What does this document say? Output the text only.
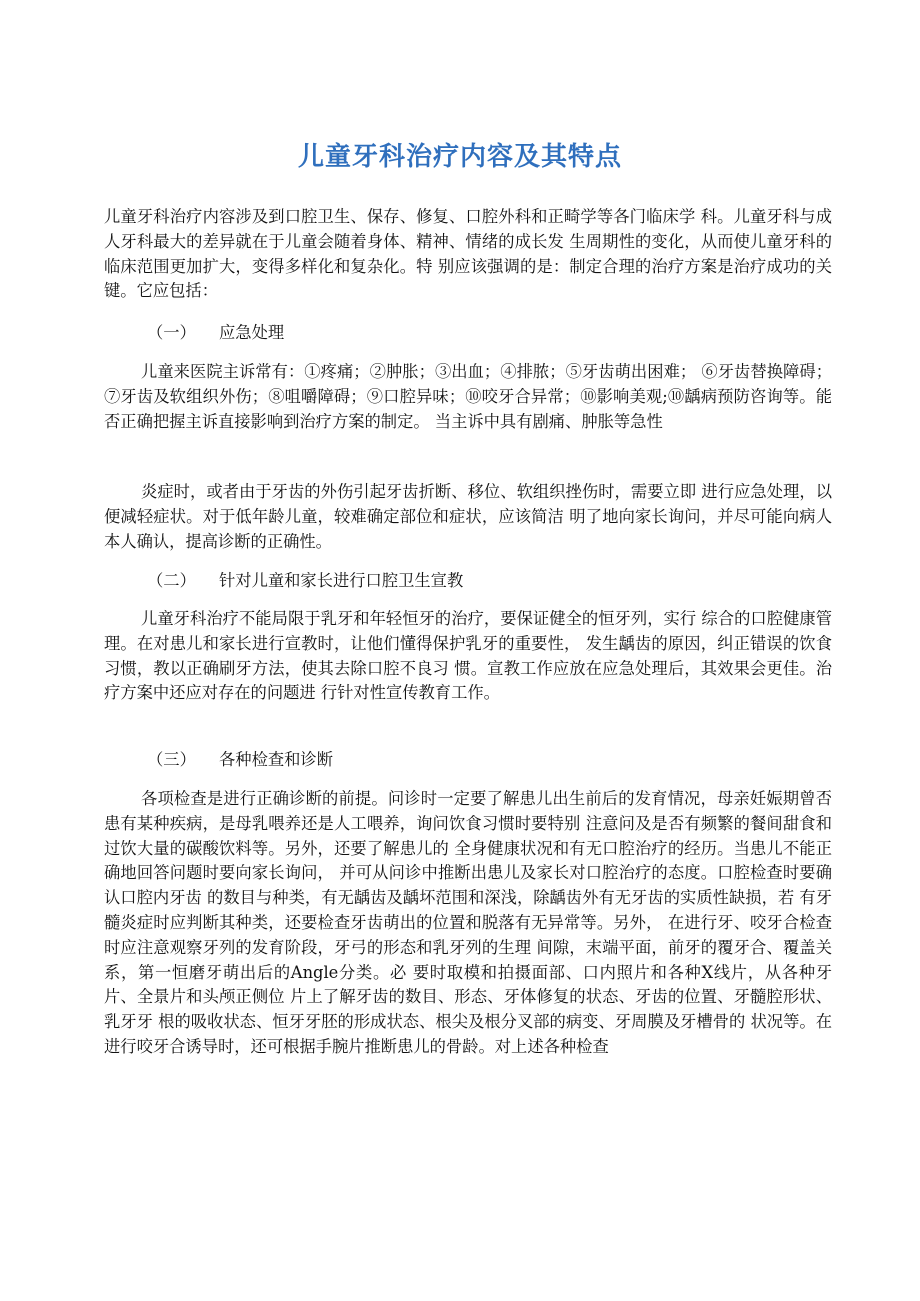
儿童牙科治疗内容及其特点

儿童牙科治疗内容涉及到口腔卫生、保存、修复、口腔外科和正畸学等各门临床学 科。儿童牙科与成人牙科最大的差异就在于儿童会随着身体、精神、情绪的成长发 生周期性的变化，从而使儿童牙科的临床范围更加扩大，变得多样化和复杂化。特 别应该强调的是：制定合理的治疗方案是治疗成功的关键。它应包括：

（一） 应急处理

儿童来医院主诉常有：①疼痛；②肿胀；③出血；④排脓；⑤牙齿萌出困难； ⑥牙齿替换障碍；⑦牙齿及软组织外伤；⑧咀嚼障碍；⑨口腔异味；⑩咬牙合异常；⑩影响美观;⑩龋病预防咨询等。能否正确把握主诉直接影响到治疗方案的制定。 当主诉中具有剧痛、肿胀等急性

炎症时，或者由于牙齿的外伤引起牙齿折断、移位、软组织挫伤时，需要立即 进行应急处理，以便减轻症状。对于低年龄儿童，较难确定部位和症状，应该简洁 明了地向家长询问，并尽可能向病人本人确认，提高诊断的正确性。

（二） 针对儿童和家长进行口腔卫生宣教

儿童牙科治疗不能局限于乳牙和年轻恒牙的治疗，要保证健全的恒牙列，实行 综合的口腔健康管理。在对患儿和家长进行宣教时，让他们懂得保护乳牙的重要性， 发生龋齿的原因，纠正错误的饮食习惯，教以正确刷牙方法，使其去除口腔不良习 惯。宣教工作应放在应急处理后，其效果会更佳。治疗方案中还应对存在的问题进 行针对性宣传教育工作。

（三） 各种检查和诊断

各项检查是进行正确诊断的前提。问诊时一定要了解患儿出生前后的发育情况，母亲妊娠期曾否患有某种疾病，是母乳喂养还是人工喂养，询问饮食习惯时要特别 注意问及是否有频繁的餐间甜食和过饮大量的碳酸饮料等。另外，还要了解患儿的 全身健康状况和有无口腔治疗的经历。当患儿不能正确地回答问题时要向家长询问， 并可从问诊中推断出患儿及家长对口腔治疗的态度。口腔检查时要确认口腔内牙齿 的数目与种类，有无龋齿及龋坏范围和深浅，除龋齿外有无牙齿的实质性缺损，若 有牙髓炎症时应判断其种类，还要检查牙齿萌出的位置和脱落有无异常等。另外， 在进行牙、咬牙合检查时应注意观察牙列的发育阶段，牙弓的形态和乳牙列的生理 间隙，末端平面，前牙的覆牙合、覆盖关系，第一恒磨牙萌出后的Angle分类。必 要时取模和拍摄面部、口内照片和各种X线片，从各种牙片、全景片和头颅正侧位 片上了解牙齿的数目、形态、牙体修复的状态、牙齿的位置、牙髓腔形状、乳牙牙 根的吸收状态、恒牙牙胚的形成状态、根尖及根分叉部的病变、牙周膜及牙槽骨的 状况等。在进行咬牙合诱导时，还可根据手腕片推断患儿的骨龄。对上述各种检查
